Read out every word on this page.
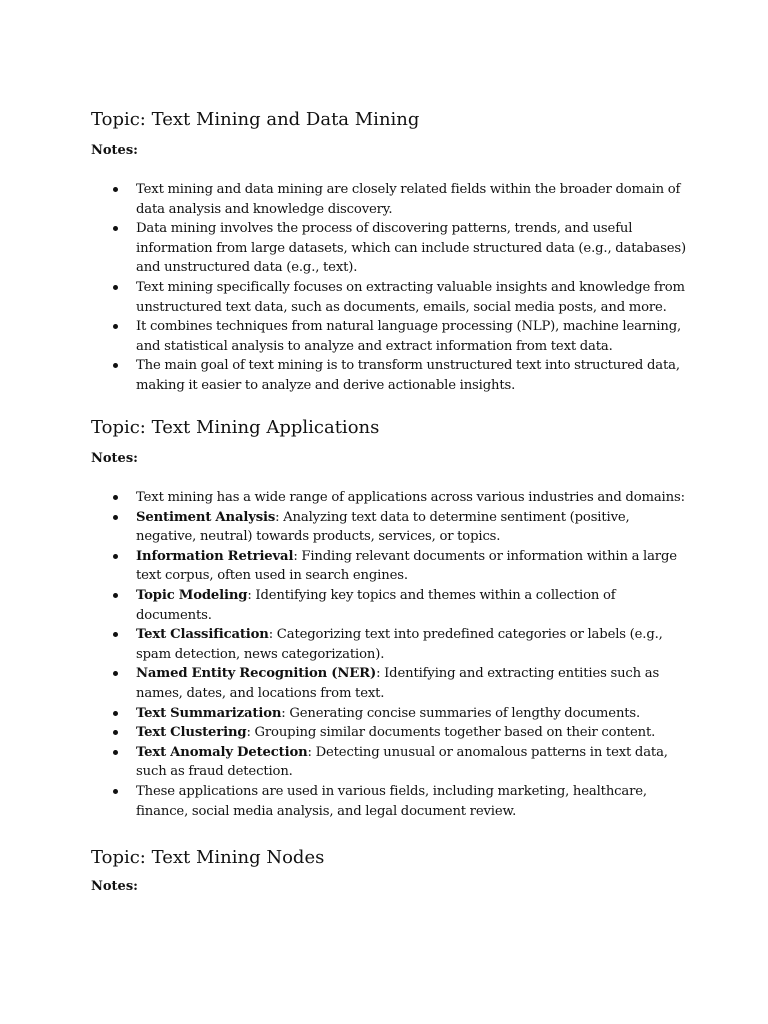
Topic: Text Mining and Data Mining
Notes:
Text mining and data mining are closely related fields within the broader domain of data analysis and knowledge discovery.
Data mining involves the process of discovering patterns, trends, and useful information from large datasets, which can include structured data (e.g., databases) and unstructured data (e.g., text).
Text mining specifically focuses on extracting valuable insights and knowledge from unstructured text data, such as documents, emails, social media posts, and more.
It combines techniques from natural language processing (NLP), machine learning, and statistical analysis to analyze and extract information from text data.
The main goal of text mining is to transform unstructured text into structured data, making it easier to analyze and derive actionable insights.
Topic: Text Mining Applications
Notes:
Text mining has a wide range of applications across various industries and domains:
Sentiment Analysis: Analyzing text data to determine sentiment (positive, negative, neutral) towards products, services, or topics.
Information Retrieval: Finding relevant documents or information within a large text corpus, often used in search engines.
Topic Modeling: Identifying key topics and themes within a collection of documents.
Text Classification: Categorizing text into predefined categories or labels (e.g., spam detection, news categorization).
Named Entity Recognition (NER): Identifying and extracting entities such as names, dates, and locations from text.
Text Summarization: Generating concise summaries of lengthy documents.
Text Clustering: Grouping similar documents together based on their content.
Text Anomaly Detection: Detecting unusual or anomalous patterns in text data, such as fraud detection.
These applications are used in various fields, including marketing, healthcare, finance, social media analysis, and legal document review.
Topic: Text Mining Nodes
Notes:
